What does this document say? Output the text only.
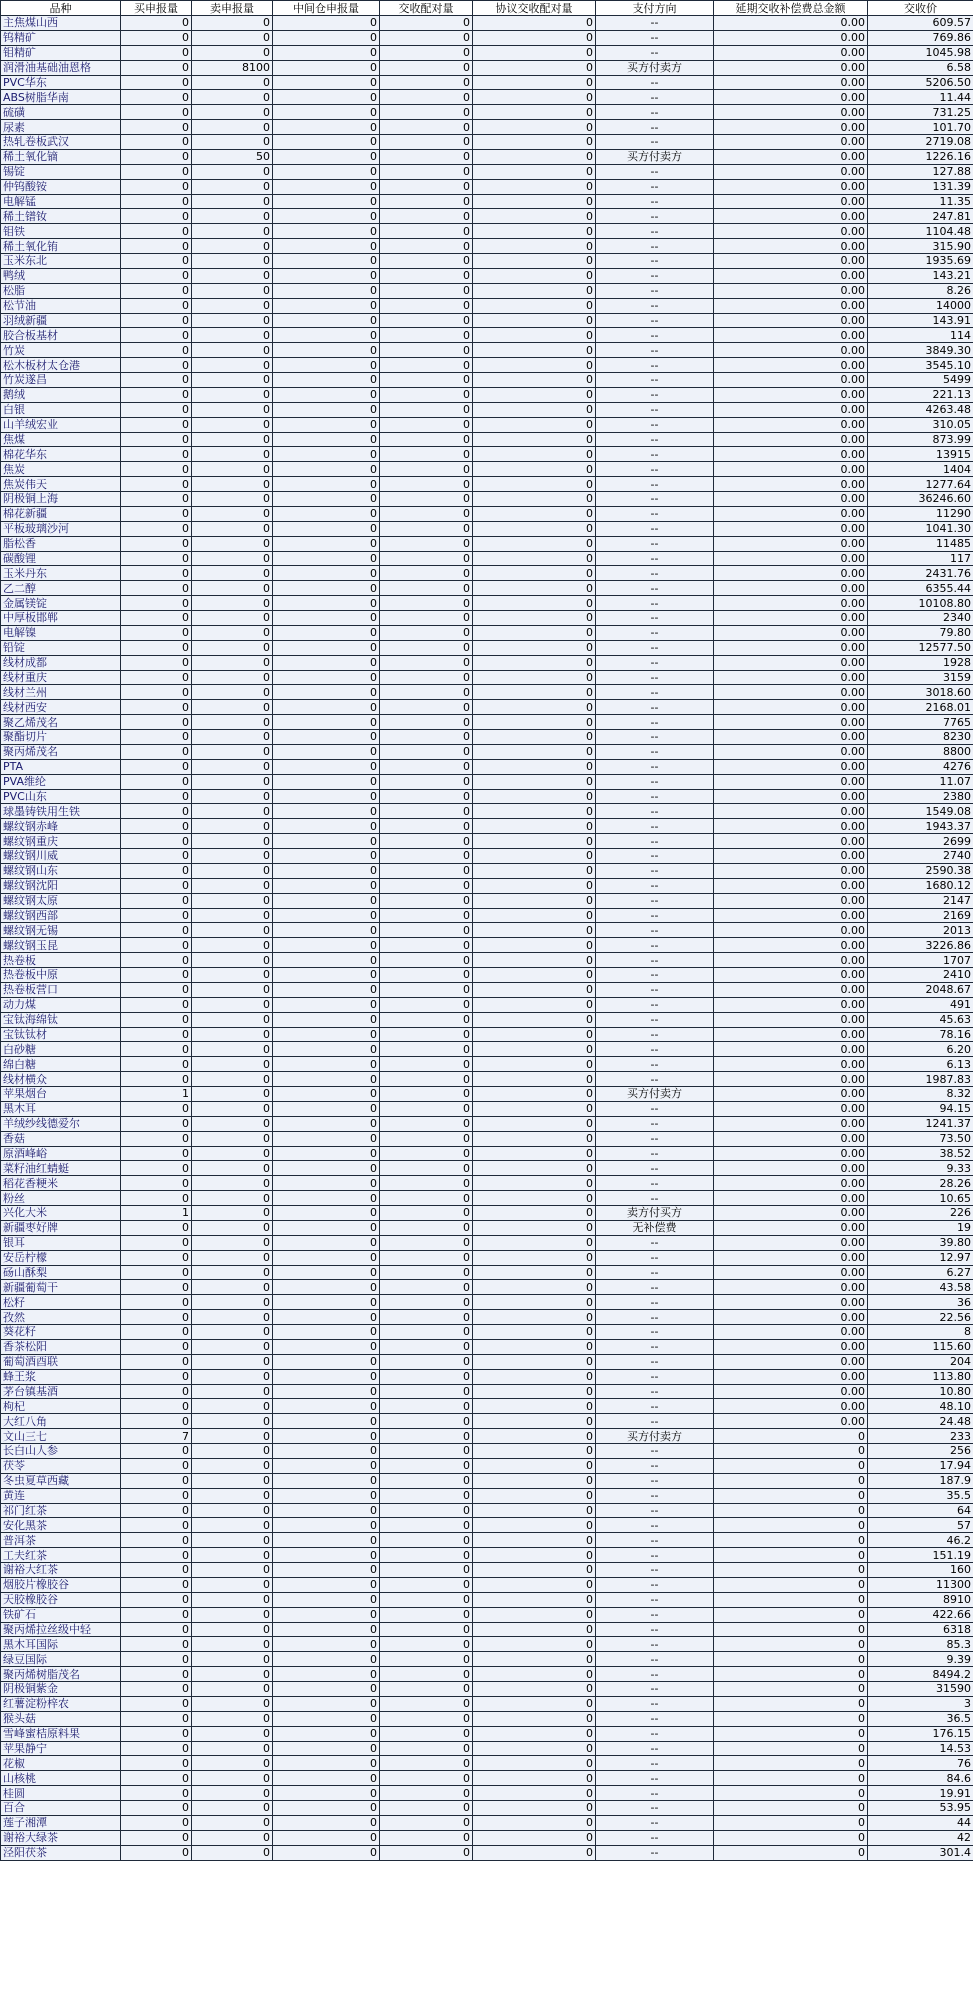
品种	买申报量	卖申报量	中间仓申报量	交收配对量	协议交收配对量	支付方向	延期交收补偿费总金额	交收价
主焦煤山西	0	0	0	0	0	--	0.00	609.57
钨精矿	0	0	0	0	0	--	0.00	769.86
钼精矿	0	0	0	0	0	--	0.00	1045.98
润滑油基础油恩格	0	8100	0	0	0	买方付卖方	0.00	6.58
PVC华东	0	0	0	0	0	--	0.00	5206.50
ABS树脂华南	0	0	0	0	0	--	0.00	11.44
硫磺	0	0	0	0	0	--	0.00	731.25
尿素	0	0	0	0	0	--	0.00	101.70
热轧卷板武汉	0	0	0	0	0	--	0.00	2719.08
稀土氧化镝	0	50	0	0	0	买方付卖方	0.00	1226.16
锡锭	0	0	0	0	0	--	0.00	127.88
仲钨酸铵	0	0	0	0	0	--	0.00	131.39
电解锰	0	0	0	0	0	--	0.00	11.35
稀土镨钕	0	0	0	0	0	--	0.00	247.81
钼铁	0	0	0	0	0	--	0.00	1104.48
稀土氧化铕	0	0	0	0	0	--	0.00	315.90
玉米东北	0	0	0	0	0	--	0.00	1935.69
鸭绒	0	0	0	0	0	--	0.00	143.21
松脂	0	0	0	0	0	--	0.00	8.26
松节油	0	0	0	0	0	--	0.00	14000
羽绒新疆	0	0	0	0	0	--	0.00	143.91
胶合板基材	0	0	0	0	0	--	0.00	114
竹炭	0	0	0	0	0	--	0.00	3849.30
松木板材太仓港	0	0	0	0	0	--	0.00	3545.10
竹炭遂昌	0	0	0	0	0	--	0.00	5499
鹅绒	0	0	0	0	0	--	0.00	221.13
白银	0	0	0	0	0	--	0.00	4263.48
山羊绒宏业	0	0	0	0	0	--	0.00	310.05
焦煤	0	0	0	0	0	--	0.00	873.99
棉花华东	0	0	0	0	0	--	0.00	13915
焦炭	0	0	0	0	0	--	0.00	1404
焦炭伟天	0	0	0	0	0	--	0.00	1277.64
阴极铜上海	0	0	0	0	0	--	0.00	36246.60
棉花新疆	0	0	0	0	0	--	0.00	11290
平板玻璃沙河	0	0	0	0	0	--	0.00	1041.30
脂松香	0	0	0	0	0	--	0.00	11485
碳酸锂	0	0	0	0	0	--	0.00	117
玉米丹东	0	0	0	0	0	--	0.00	2431.76
乙二醇	0	0	0	0	0	--	0.00	6355.44
金属镁锭	0	0	0	0	0	--	0.00	10108.80
中厚板邯郸	0	0	0	0	0	--	0.00	2340
电解镍	0	0	0	0	0	--	0.00	79.80
铅锭	0	0	0	0	0	--	0.00	12577.50
线材成都	0	0	0	0	0	--	0.00	1928
线材重庆	0	0	0	0	0	--	0.00	3159
线材兰州	0	0	0	0	0	--	0.00	3018.60
线材西安	0	0	0	0	0	--	0.00	2168.01
聚乙烯茂名	0	0	0	0	0	--	0.00	7765
聚酯切片	0	0	0	0	0	--	0.00	8230
聚丙烯茂名	0	0	0	0	0	--	0.00	8800
PTA	0	0	0	0	0	--	0.00	4276
PVA维纶	0	0	0	0	0	--	0.00	11.07
PVC山东	0	0	0	0	0	--	0.00	2380
球墨铸铁用生铁	0	0	0	0	0	--	0.00	1549.08
螺纹钢赤峰	0	0	0	0	0	--	0.00	1943.37
螺纹钢重庆	0	0	0	0	0	--	0.00	2699
螺纹钢川威	0	0	0	0	0	--	0.00	2740
螺纹钢山东	0	0	0	0	0	--	0.00	2590.38
螺纹钢沈阳	0	0	0	0	0	--	0.00	1680.12
螺纹钢太原	0	0	0	0	0	--	0.00	2147
螺纹钢西部	0	0	0	0	0	--	0.00	2169
螺纹钢无锡	0	0	0	0	0	--	0.00	2013
螺纹钢玉昆	0	0	0	0	0	--	0.00	3226.86
热卷板	0	0	0	0	0	--	0.00	1707
热卷板中原	0	0	0	0	0	--	0.00	2410
热卷板营口	0	0	0	0	0	--	0.00	2048.67
动力煤	0	0	0	0	0	--	0.00	491
宝钛海绵钛	0	0	0	0	0	--	0.00	45.63
宝钛钛材	0	0	0	0	0	--	0.00	78.16
白砂糖	0	0	0	0	0	--	0.00	6.20
绵白糖	0	0	0	0	0	--	0.00	6.13
线材横众	0	0	0	0	0	--	0.00	1987.83
苹果烟台	1	0	0	0	0	买方付卖方	0.00	8.32
黑木耳	0	0	0	0	0	--	0.00	94.15
羊绒纱线德爱尔	0	0	0	0	0	--	0.00	1241.37
香菇	0	0	0	0	0	--	0.00	73.50
原酒峰峪	0	0	0	0	0	--	0.00	38.52
菜籽油红蜻蜓	0	0	0	0	0	--	0.00	9.33
稻花香粳米	0	0	0	0	0	--	0.00	28.26
粉丝	0	0	0	0	0	--	0.00	10.65
兴化大米	1	0	0	0	0	卖方付买方	0.00	226
新疆枣好牌	0	0	0	0	0	无补偿费	0.00	19
银耳	0	0	0	0	0	--	0.00	39.80
安岳柠檬	0	0	0	0	0	--	0.00	12.97
砀山酥梨	0	0	0	0	0	--	0.00	6.27
新疆葡萄干	0	0	0	0	0	--	0.00	43.58
松籽	0	0	0	0	0	--	0.00	36
孜然	0	0	0	0	0	--	0.00	22.56
葵花籽	0	0	0	0	0	--	0.00	8
香茶松阳	0	0	0	0	0	--	0.00	115.60
葡萄酒酉联	0	0	0	0	0	--	0.00	204
蜂王浆	0	0	0	0	0	--	0.00	113.80
茅台镇基酒	0	0	0	0	0	--	0.00	10.80
枸杞	0	0	0	0	0	--	0.00	48.10
大红八角	0	0	0	0	0	--	0.00	24.48
文山三七	7	0	0	0	0	买方付卖方	0	233
长白山人参	0	0	0	0	0	--	0	256
茯苓	0	0	0	0	0	--	0	17.94
冬虫夏草西藏	0	0	0	0	0	--	0	187.9
黄连	0	0	0	0	0	--	0	35.5
祁门红茶	0	0	0	0	0	--	0	64
安化黑茶	0	0	0	0	0	--	0	57
普洱茶	0	0	0	0	0	--	0	46.2
工夫红茶	0	0	0	0	0	--	0	151.19
谢裕大红茶	0	0	0	0	0	--	0	160
烟胶片橡胶谷	0	0	0	0	0	--	0	11300
天胶橡胶谷	0	0	0	0	0	--	0	8910
铁矿石	0	0	0	0	0	--	0	422.66
聚丙烯拉丝级中轻	0	0	0	0	0	--	0	6318
黑木耳国际	0	0	0	0	0	--	0	85.3
绿豆国际	0	0	0	0	0	--	0	9.39
聚丙烯树脂茂名	0	0	0	0	0	--	0	8494.2
阴极铜紫金	0	0	0	0	0	--	0	31590
红薯淀粉梓农	0	0	0	0	0	--	0	3
猴头菇	0	0	0	0	0	--	0	36.5
雪峰蜜桔原料果	0	0	0	0	0	--	0	176.15
苹果静宁	0	0	0	0	0	--	0	14.53
花椒	0	0	0	0	0	--	0	76
山核桃	0	0	0	0	0	--	0	84.6
桂圆	0	0	0	0	0	--	0	19.91
百合	0	0	0	0	0	--	0	53.95
莲子湘潭	0	0	0	0	0	--	0	44
谢裕大绿茶	0	0	0	0	0	--	0	42
泾阳茯茶	0	0	0	0	0	--	0	301.4
